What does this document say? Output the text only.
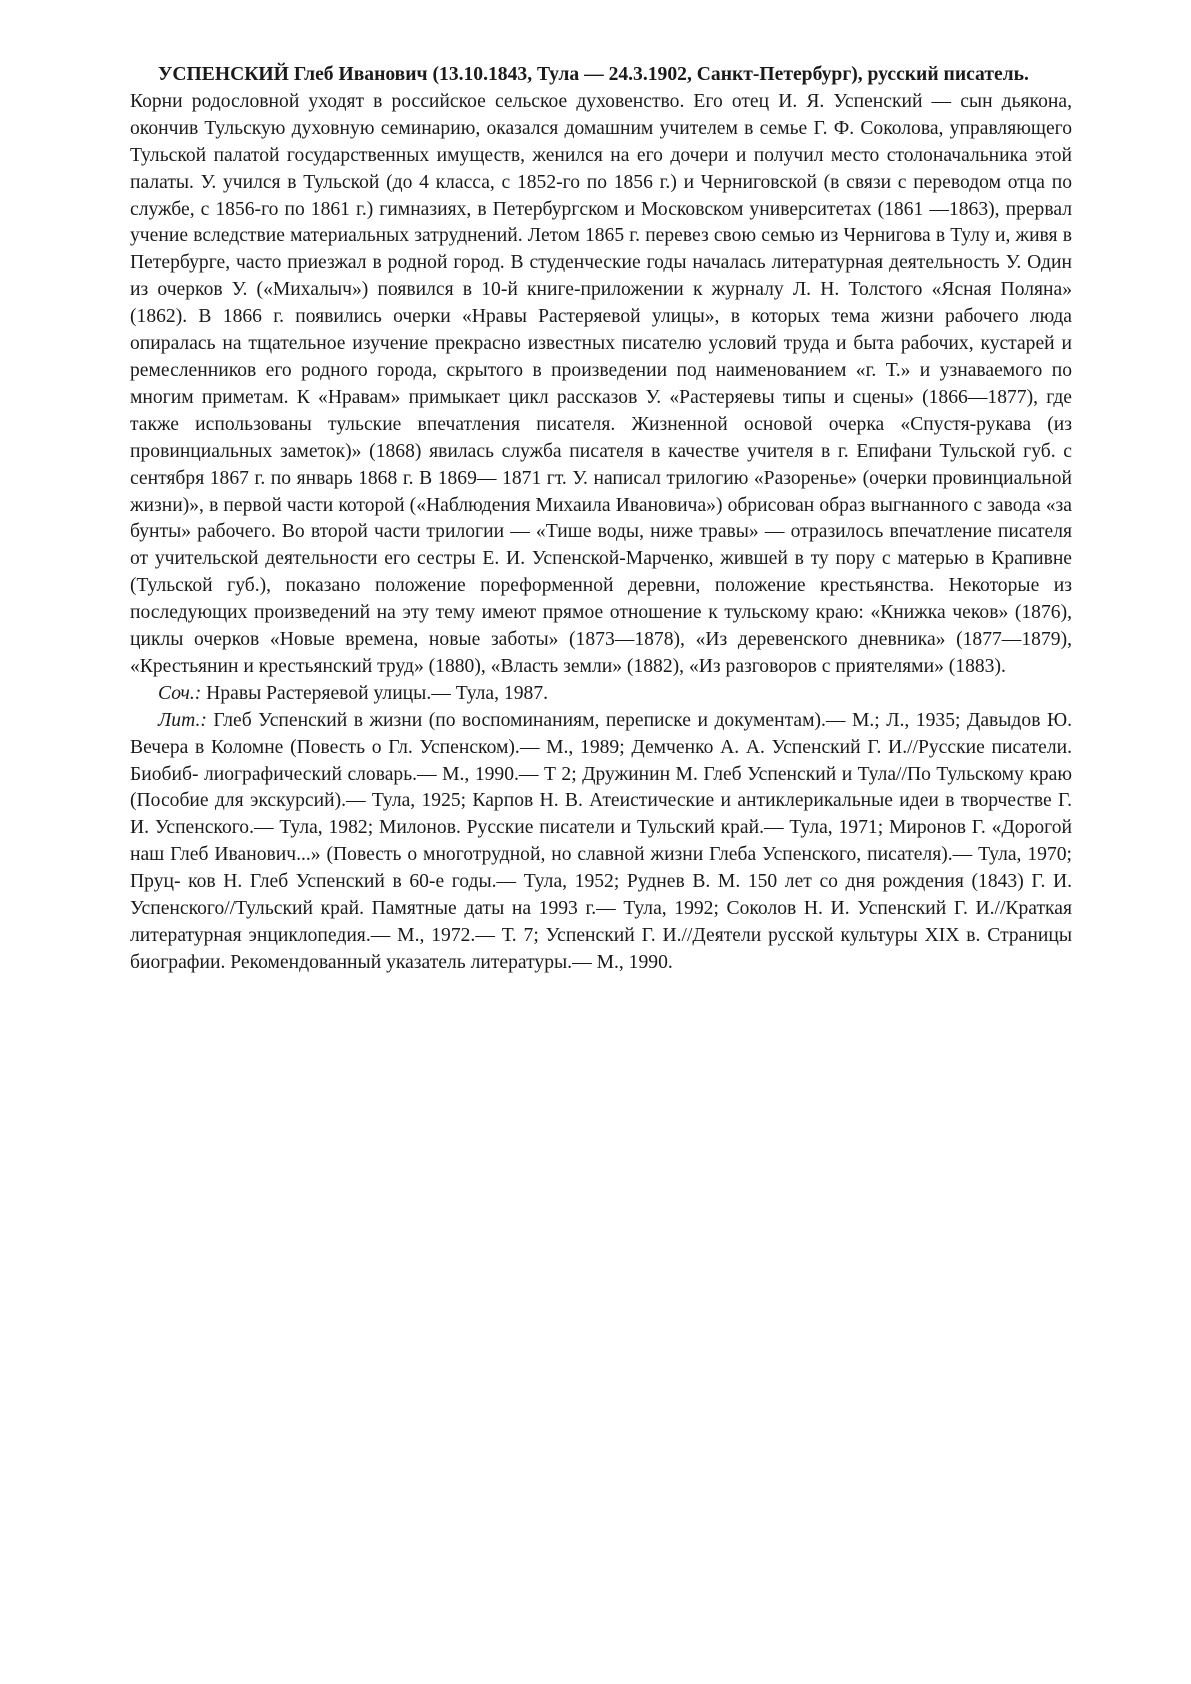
УСПЕНСКИЙ Глеб Иванович (13.10.1843, Тула — 24.3.1902, Санкт-Петербург), русский писатель.

Корни родословной уходят в российское сельское духовенство. Его отец И. Я. Успенский — сын дьякона, окончив Тульскую духовную семинарию, оказался домашним учителем в семье Г. Ф. Соколова, управляющего Тульской палатой государственных имуществ, женился на его дочери и получил место столоначальника этой палаты. У. учился в Тульской (до 4 класса, с 1852-го по 1856 г.) и Черниговской (в связи с переводом отца по службе, с 1856-го по 1861 г.) гимназиях, в Петербургском и Московском университетах (1861 —1863), прервал учение вследствие материальных затруднений. Летом 1865 г. перевез свою семью из Чернигова в Тулу и, живя в Петербурге, часто приезжал в родной город. В студенческие годы началась литературная деятельность У. Один из очерков У. («Михалыч») появился в 10-й книге-приложении к журналу Л. Н. Толстого «Ясная Поляна» (1862). В 1866 г. появились очерки «Нравы Растеряевой улицы», в которых тема жизни рабочего люда опиралась на тщательное изучение прекрасно известных писателю условий труда и быта рабочих, кустарей и ремесленников его родного города, скрытого в произведении под наименованием «г. Т.» и узнаваемого по многим приметам. К «Нравам» примыкает цикл рассказов У. «Растеряевы типы и сцены» (1866—1877), где также использованы тульские впечатления писателя. Жизненной основой очерка «Спустя-рукава (из провинциальных заметок)» (1868) явилась служба писателя в качестве учителя в г. Епифани Тульской губ. с сентября 1867 г. по январь 1868 г. В 1869— 1871 гт. У. написал трилогию «Разоренье» (очерки провинциальной жизни)», в первой части которой («Наблюдения Михаила Ивановича») обрисован образ выгнанного с завода «за бунты» рабочего. Во второй части трилогии — «Тише воды, ниже травы» — отразилось впечатление писателя от учительской деятельности его сестры Е. И. Успенской-Марченко, жившей в ту пору с матерью в Крапивне (Тульской губ.), показано положение пореформенной деревни, положение крестьянства. Некоторые из последующих произведений на эту тему имеют прямое отношение к тульскому краю: «Книжка чеков» (1876), циклы очерков «Новые времена, новые заботы» (1873—1878), «Из деревенского дневника» (1877—1879), «Крестьянин и крестьянский труд» (1880), «Власть земли» (1882), «Из разговоров с приятелями» (1883).

Соч.: Нравы Растеряевой улицы.— Тула, 1987.

Лит.: Глеб Успенский в жизни (по воспоминаниям, переписке и документам).— М.; Л., 1935; Давыдов Ю. Вечера в Коломне (Повесть о Гл. Успенском).— М., 1989; Демченко А. А. Успенский Г. И.//Русские писатели. Биобиб- лиографический словарь.— М., 1990.— Т 2; Дружинин М. Глеб Успенский и Тула//По Тульскому краю (Пособие для экскурсий).— Тула, 1925; Карпов Н. В. Атеистические и антиклерикальные идеи в творчестве Г. И. Успенского.— Тула, 1982; Милонов. Русские писатели и Тульский край.— Тула, 1971; Миронов Г. «Дорогой наш Глеб Иванович...» (Повесть о многотрудной, но славной жизни Глеба Успенского, писателя).— Тула, 1970; Пруц- ков Н. Глеб Успенский в 60-е годы.— Тула, 1952; Руднев В. М. 150 лет со дня рождения (1843) Г. И. Успенского//Тульский край. Памятные даты на 1993 г.— Тула, 1992; Соколов Н. И. Успенский Г. И.//Краткая литературная энциклопедия.— М., 1972.— Т. 7; Успенский Г. И.//Деятели русской культуры XIX в. Страницы биографии. Рекомендованный указатель литературы.— М., 1990.
